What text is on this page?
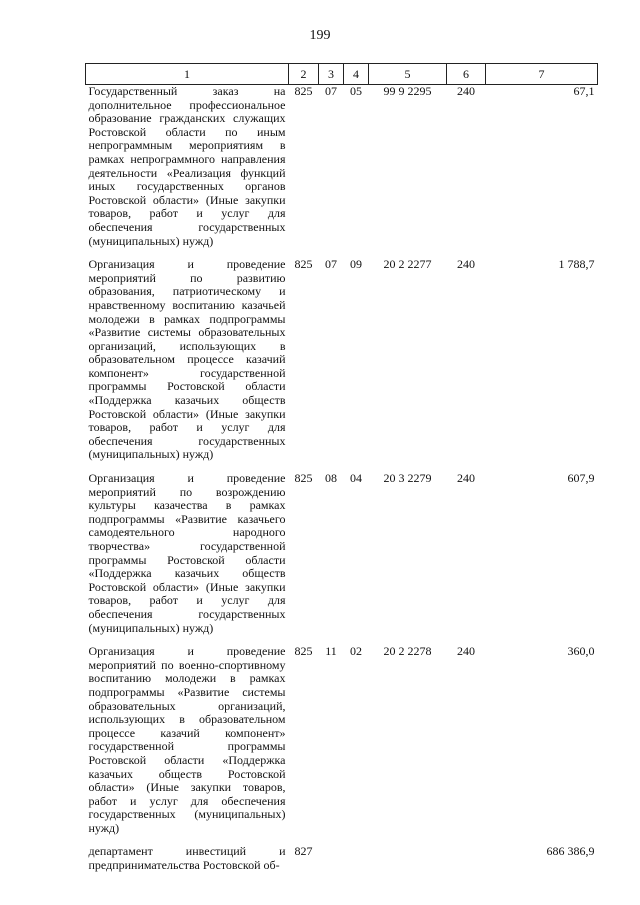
199
1	2	3	4	5	6	7
Государственный заказ на дополнительное профессиональное образование гражданских служащих Ростовской области по иным непрограммным мероприятиям в рамках непрограммного направления деятельности «Реализация функций иных государственных органов Ростовской области» (Иные закупки товаров, работ и услуг для обеспечения государственных (муниципальных) нужд)	825	07	05	99 9 2295	240	67,1
Организация и проведение мероприятий по развитию образования, патриотическому и нравственному воспитанию казачьей молодежи в рамках подпрограммы «Развитие системы образовательных организаций, использующих в образовательном процессе казачий компонент» государственной программы Ростовской области «Поддержка казачьих обществ Ростовской области» (Иные закупки товаров, работ и услуг для обеспечения государственных (муниципальных) нужд)	825	07	09	20 2 2277	240	1 788,7
Организация и проведение мероприятий по возрождению культуры казачества в рамках подпрограммы «Развитие казачьего самодеятельного народного творчества» государственной программы Ростовской области «Поддержка казачьих обществ Ростовской области» (Иные закупки товаров, работ и услуг для обеспечения государственных (муниципальных) нужд)	825	08	04	20 3 2279	240	607,9
Организация и проведение мероприятий по военно-спортивному воспитанию молодежи в рамках подпрограммы «Развитие системы образовательных организаций, использующих в образовательном процессе казачий компонент» государственной программы Ростовской области «Поддержка казачьих обществ Ростовской области» (Иные закупки товаров, работ и услуг для обеспечения государственных (муниципальных) нужд)	825	11	02	20 2 2278	240	360,0
департамент инвестиций и предпринимательства Ростовской об-	827					686 386,9
